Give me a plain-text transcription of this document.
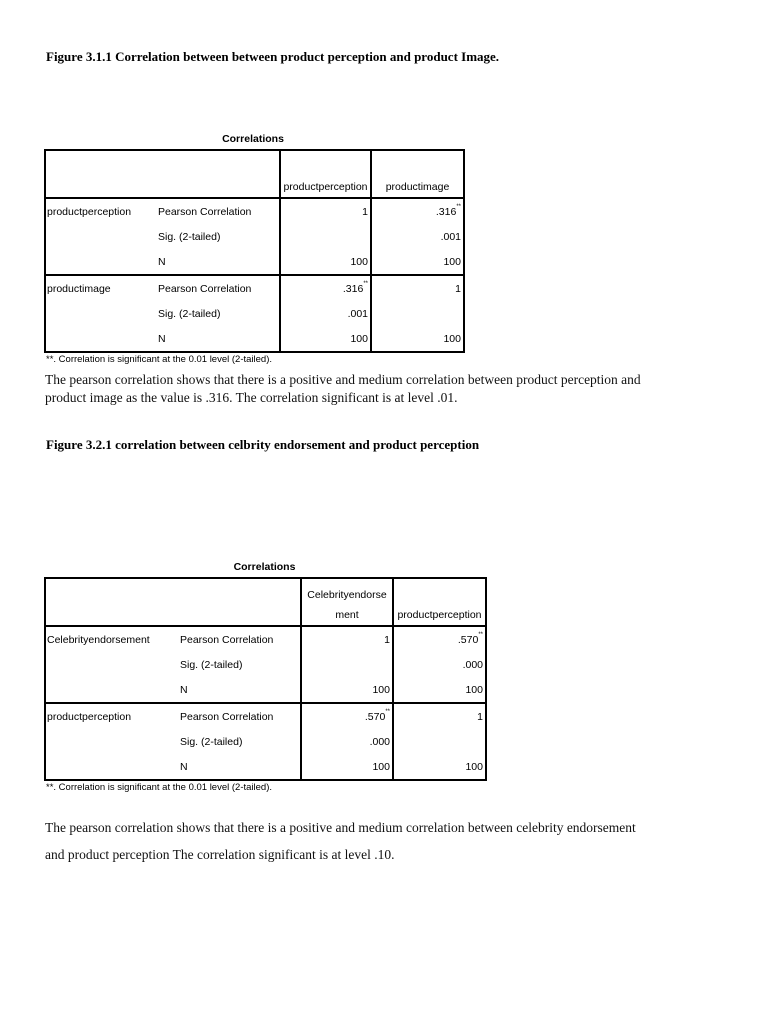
Figure 3.1.1 Correlation between between product perception and product Image.
Correlations
		productperception	productimage
productperception	Pearson Correlation	1	.316**
	Sig. (2-tailed)		.001
	N	100	100
productimage	Pearson Correlation	.316**	1
	Sig. (2-tailed)	.001	
	N	100	100
**. Correlation is significant at the 0.01 level (2-tailed).
The pearson correlation shows that there is a positive and medium correlation between product perception and
product image as the value is .316. The correlation significant is at level .01.
Figure 3.2.1 correlation between celbrity endorsement and product perception
Correlations
		Celebrityendorsement	productperception
Celebrityendorsement	Pearson Correlation	1	.570**
	Sig. (2-tailed)		.000
	N	100	100
productperception	Pearson Correlation	.570**	1
	Sig. (2-tailed)	.000	
	N	100	100
**. Correlation is significant at the 0.01 level (2-tailed).
The pearson correlation shows that there is a positive and medium correlation between celebrity endorsement
and product perception The correlation significant is at level .10.
